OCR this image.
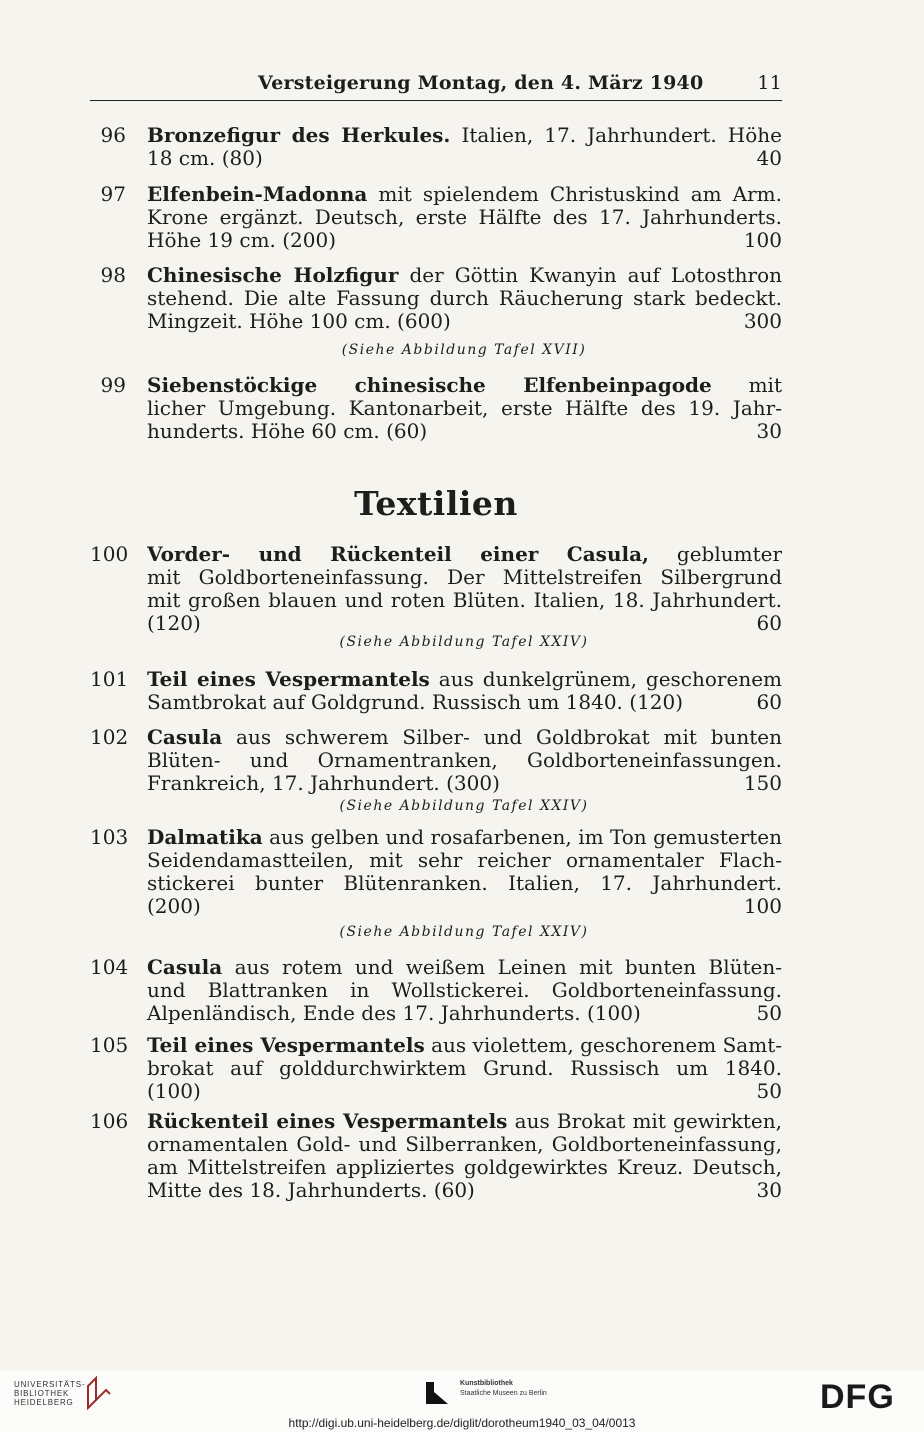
Versteigerung Montag, den 4. März 1940	11
96 Bronzefigur des Herkules. Italien, 17. Jahrhundert. Höhe
18 cm. (80)	40
97 Elfenbein-Madonna mit spielendem Christuskind am Arm.
Krone ergänzt. Deutsch, erste Hälfte des 17. Jahrhunderts.
Höhe 19 cm. (200)	100
98 Chinesische Holzfigur der Göttin Kwanyin auf Lotosthron
stehend. Die alte Fassung durch Räucherung stark bedeckt.
Mingzeit. Höhe 100 cm. (600)	300
(Siehe Abbildung Tafel XVII)
99 Siebenstöckige chinesische Elfenbeinpagode mit
licher Umgebung. Kantonarbeit, erste Hälfte des 19. Jahr-
hunderts. Höhe 60 cm. (60)	30
Textilien
100 Vorder- und Rückenteil einer Casula, geblumter
mit Goldborteneinfassung. Der Mittelstreifen Silbergrund
mit großen blauen und roten Blüten. Italien, 18. Jahrhundert.
(120)	60
(Siehe Abbildung Tafel XXIV)
101 Teil eines Vespermantels aus dunkelgrünem, geschorenem
Samtbrokat auf Goldgrund. Russisch um 1840. (120)	60
102 Casula aus schwerem Silber- und Goldbrokat mit bunten
Blüten- und Ornamentranken, Goldborteneinfassungen.
Frankreich, 17. Jahrhundert. (300)	150
(Siehe Abbildung Tafel XXIV)
103 Dalmatika aus gelben und rosafarbenen, im Ton gemusterten
Seidendamastteilen, mit sehr reicher ornamentaler Flach-
stickerei bunter Blütenranken. Italien, 17. Jahrhundert.
(200)	100
(Siehe Abbildung Tafel XXIV)
104 Casula aus rotem und weißem Leinen mit bunten Blüten-
und Blattranken in Wollstickerei. Goldborteneinfassung.
Alpenländisch, Ende des 17. Jahrhunderts. (100)	50
105 Teil eines Vespermantels aus violettem, geschorenem Samt-
brokat auf golddurchwirktem Grund. Russisch um 1840.
(100)	50
106 Rückenteil eines Vespermantels aus Brokat mit gewirkten,
ornamentalen Gold- und Silberranken, Goldborteneinfassung,
am Mittelstreifen appliziertes goldgewirktes Kreuz. Deutsch,
Mitte des 18. Jahrhunderts. (60)	30
UNIVERSITÄTS-
BIBLIOTHEK
HEIDELBERG
Kunstbibliothek
Staatliche Museen zu Berlin	DFG
http://digi.ub.uni-heidelberg.de/diglit/dorotheum1940_03_04/0013
